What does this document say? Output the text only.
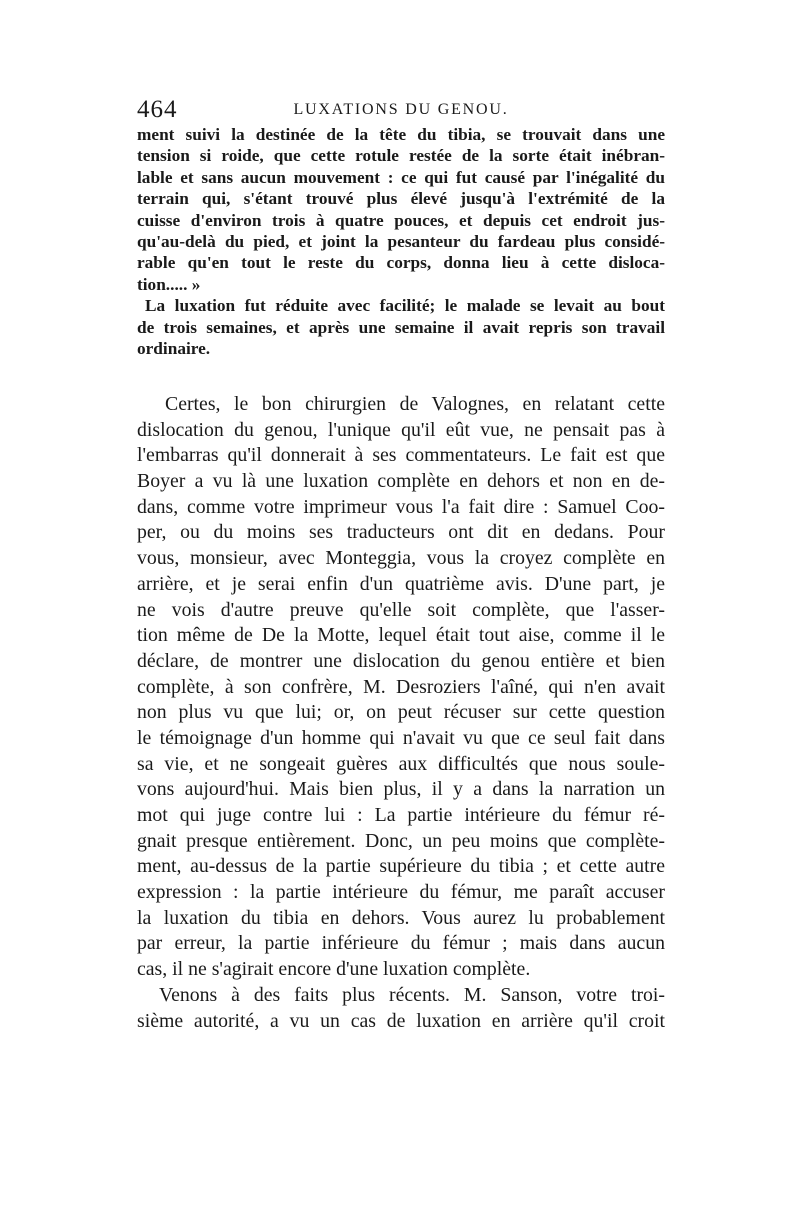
464	LUXATIONS DU GENOU.
ment suivi la destinée de la tête du tibia, se trouvait dans une
tension si roide, que cette rotule restée de la sorte était inébran-
lable et sans aucun mouvement : ce qui fut causé par l'inégalité du
terrain qui, s'étant trouvé plus élevé jusqu'à l'extrémité de la
cuisse d'environ trois à quatre pouces, et depuis cet endroit jus-
qu'au-delà du pied, et joint la pesanteur du fardeau plus considé-
rable qu'en tout le reste du corps, donna lieu à cette disloca-
tion..... »
La luxation fut réduite avec facilité; le malade se levait au bout
de trois semaines, et après une semaine il avait repris son travail
ordinaire.
Certes, le bon chirurgien de Valognes, en relatant cette
dislocation du genou, l'unique qu'il eût vue, ne pensait pas à
l'embarras qu'il donnerait à ses commentateurs. Le fait est que
Boyer a vu là une luxation complète en dehors et non en de-
dans, comme votre imprimeur vous l'a fait dire : Samuel Coo-
per, ou du moins ses traducteurs ont dit en dedans. Pour
vous, monsieur, avec Monteggia, vous la croyez complète en
arrière, et je serai enfin d'un quatrième avis. D'une part, je
ne vois d'autre preuve qu'elle soit complète, que l'asser-
tion même de De la Motte, lequel était tout aise, comme il le
déclare, de montrer une dislocation du genou entière et bien
complète, à son confrère, M. Desroziers l'aîné, qui n'en avait
non plus vu que lui; or, on peut récuser sur cette question
le témoignage d'un homme qui n'avait vu que ce seul fait dans
sa vie, et ne songeait guères aux difficultés que nous soule-
vons aujourd'hui. Mais bien plus, il y a dans la narration un
mot qui juge contre lui : La partie intérieure du fémur ré-
gnait presque entièrement. Donc, un peu moins que complète-
ment, au-dessus de la partie supérieure du tibia ; et cette autre
expression : la partie intérieure du fémur, me paraît accuser
la luxation du tibia en dehors. Vous aurez lu probablement
par erreur, la partie inférieure du fémur ; mais dans aucun
cas, il ne s'agirait encore d'une luxation complète.
Venons à des faits plus récents. M. Sanson, votre troi-
sième autorité, a vu un cas de luxation en arrière qu'il croit
